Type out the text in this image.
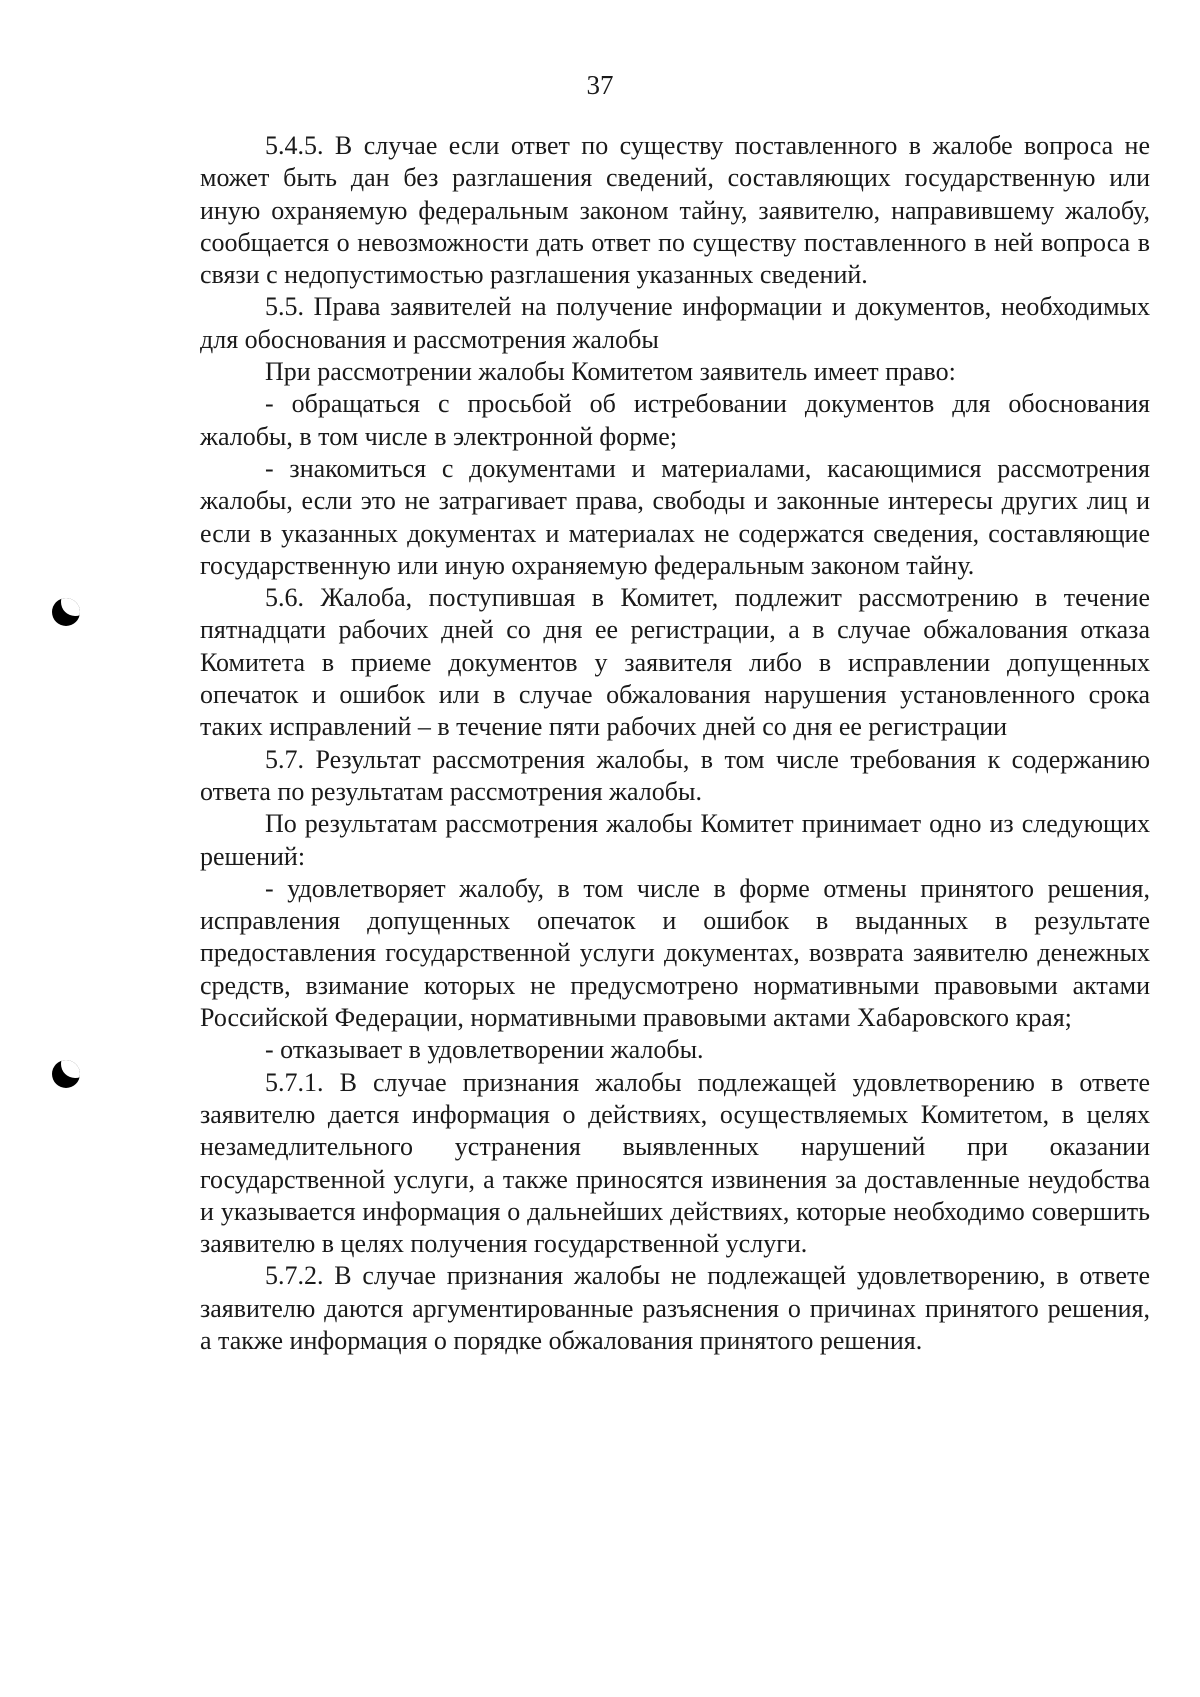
37

5.4.5. В случае если ответ по существу поставленного в жалобе вопроса не может быть дан без разглашения сведений, составляющих государственную или иную охраняемую федеральным законом тайну, заявителю, направившему жалобу, сообщается о невозможности дать ответ по существу поставленного в ней вопроса в связи с недопустимостью разглашения указанных сведений.

5.5. Права заявителей на получение информации и документов, необходимых для обоснования и рассмотрения жалобы

При рассмотрении жалобы Комитетом заявитель имеет право:

- обращаться с просьбой об истребовании документов для обоснования жалобы, в том числе в электронной форме;

- знакомиться с документами и материалами, касающимися рассмотрения жалобы, если это не затрагивает права, свободы и законные интересы других лиц и если в указанных документах и материалах не содержатся сведения, составляющие государственную или иную охраняемую федеральным законом тайну.

5.6. Жалоба, поступившая в Комитет, подлежит рассмотрению в течение пятнадцати рабочих дней со дня ее регистрации, а в случае обжалования отказа Комитета в приеме документов у заявителя либо в исправлении допущенных опечаток и ошибок или в случае обжалования нарушения установленного срока таких исправлений – в течение пяти рабочих дней со дня ее регистрации

5.7. Результат рассмотрения жалобы, в том числе требования к содержанию ответа по результатам рассмотрения жалобы.

По результатам рассмотрения жалобы Комитет принимает одно из следующих решений:

- удовлетворяет жалобу, в том числе в форме отмены принятого решения, исправления допущенных опечаток и ошибок в выданных в результате предоставления государственной услуги документах, возврата заявителю денежных средств, взимание которых не предусмотрено нормативными правовыми актами Российской Федерации, нормативными правовыми актами Хабаровского края;

- отказывает в удовлетворении жалобы.

5.7.1. В случае признания жалобы подлежащей удовлетворению в ответе заявителю дается информация о действиях, осуществляемых Комитетом, в целях незамедлительного устранения выявленных нарушений при оказании государственной услуги, а также приносятся извинения за доставленные неудобства и указывается информация о дальнейших действиях, которые необходимо совершить заявителю в целях получения государственной услуги.

5.7.2. В случае признания жалобы не подлежащей удовлетворению, в ответе заявителю даются аргументированные разъяснения о причинах принятого решения, а также информация о порядке обжалования принятого решения.
